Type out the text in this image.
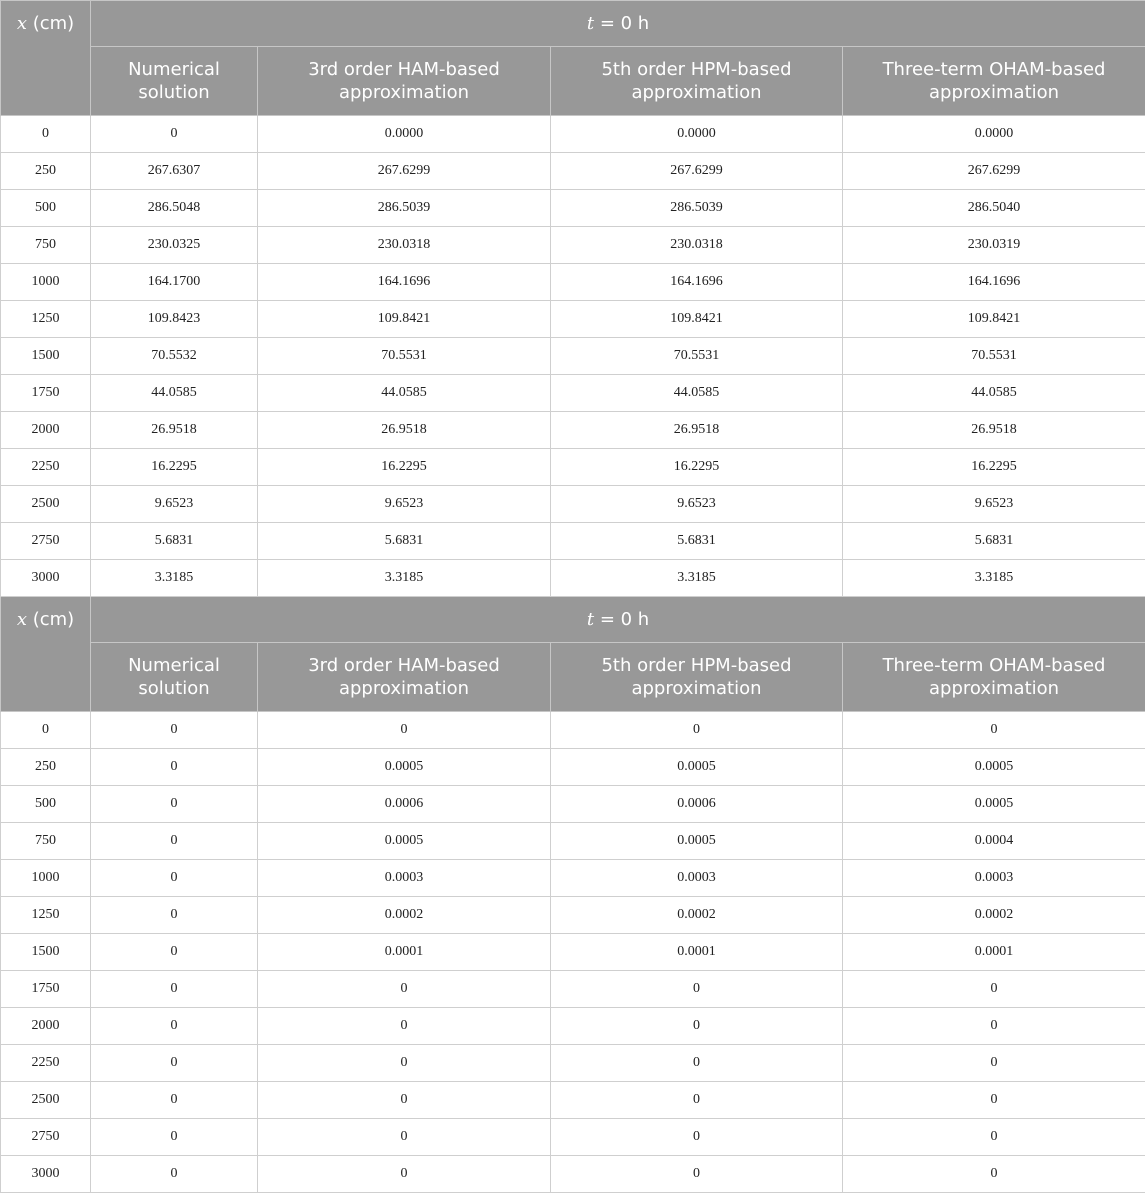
x (cm)	t = 0 h			
	Numerical solution	3rd order HAM-based approximation	5th order HPM-based approximation	Three-term OHAM-based approximation
0	0	0.0000	0.0000	0.0000
250	267.6307	267.6299	267.6299	267.6299
500	286.5048	286.5039	286.5039	286.5040
750	230.0325	230.0318	230.0318	230.0319
1000	164.1700	164.1696	164.1696	164.1696
1250	109.8423	109.8421	109.8421	109.8421
1500	70.5532	70.5531	70.5531	70.5531
1750	44.0585	44.0585	44.0585	44.0585
2000	26.9518	26.9518	26.9518	26.9518
2250	16.2295	16.2295	16.2295	16.2295
2500	9.6523	9.6523	9.6523	9.6523
2750	5.6831	5.6831	5.6831	5.6831
3000	3.3185	3.3185	3.3185	3.3185
x (cm)	t = 0 h			
	Numerical solution	3rd order HAM-based approximation	5th order HPM-based approximation	Three-term OHAM-based approximation
0	0	0	0	0
250	0	0.0005	0.0005	0.0005
500	0	0.0006	0.0006	0.0005
750	0	0.0005	0.0005	0.0004
1000	0	0.0003	0.0003	0.0003
1250	0	0.0002	0.0002	0.0002
1500	0	0.0001	0.0001	0.0001
1750	0	0	0	0
2000	0	0	0	0
2250	0	0	0	0
2500	0	0	0	0
2750	0	0	0	0
3000	0	0	0	0
